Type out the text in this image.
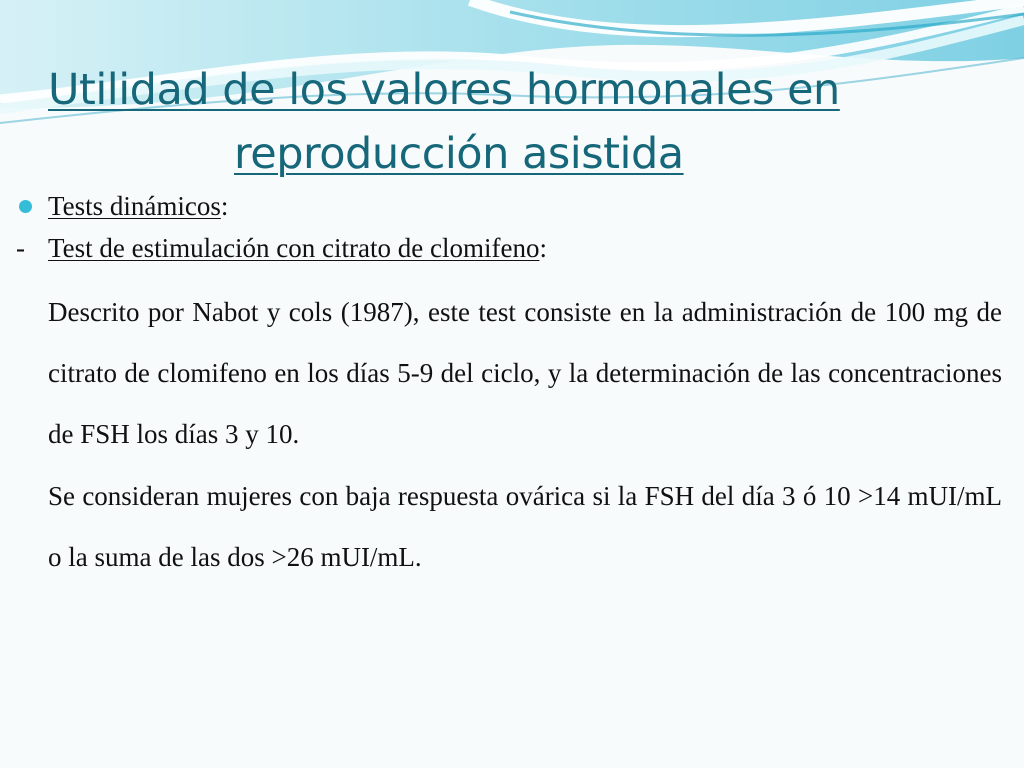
Utilidad de los valores hormonales en
reproducción asistida
Tests dinámicos:
- Test de estimulación con citrato de clomifeno:

Descrito por Nabot y cols (1987), este test consiste en la administración de 100 mg de citrato de clomifeno en los días 5-9 del ciclo, y la determinación de las concentraciones de FSH los días 3 y 10.

Se consideran mujeres con baja respuesta ovárica si la FSH del día 3 ó 10 >14 mUI/mL o la suma de las dos >26 mUI/mL.
